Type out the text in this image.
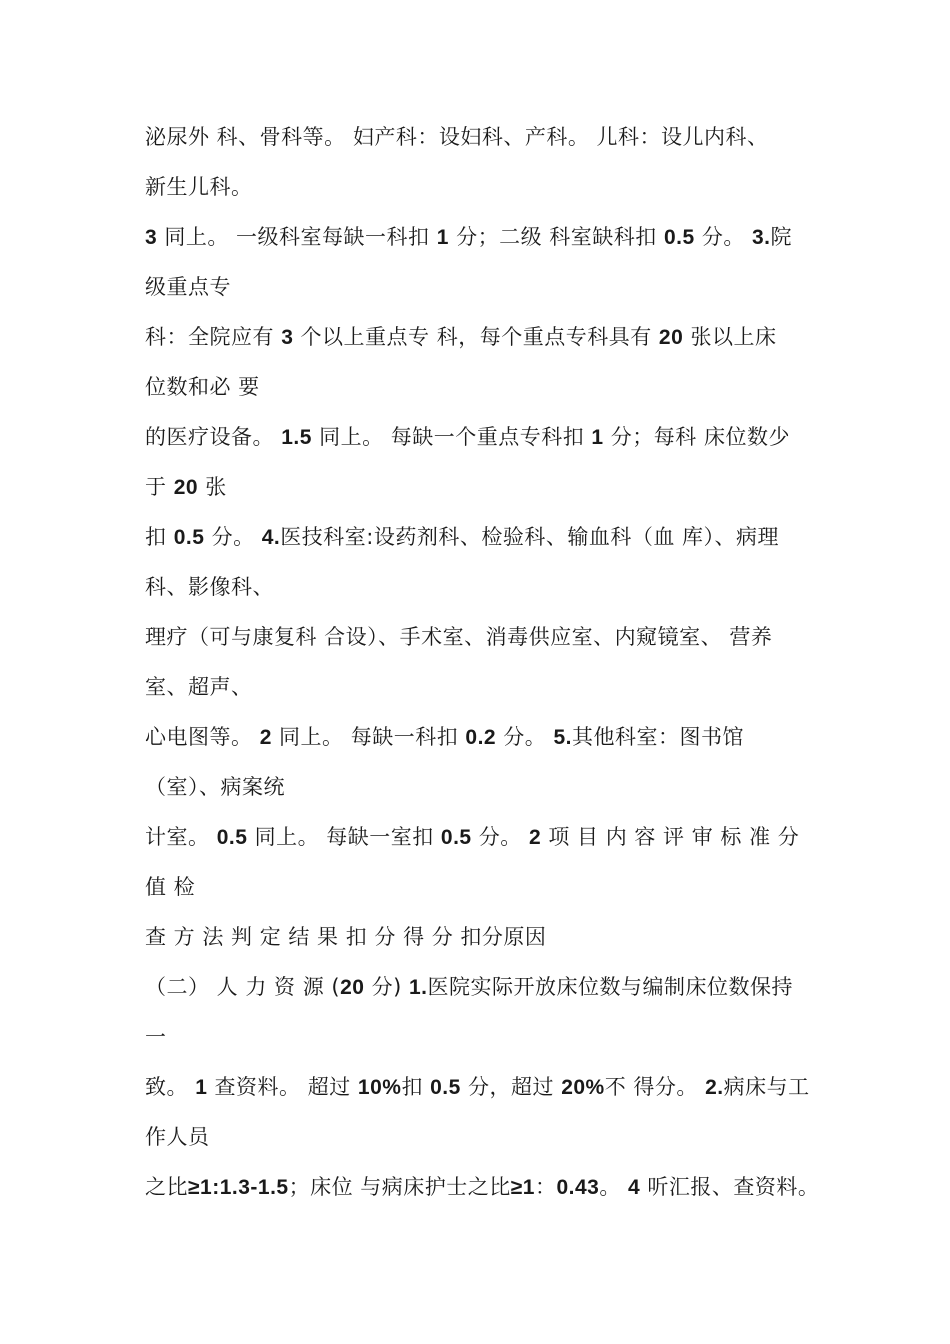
泌尿外 科、骨科等。 妇产科：设妇科、产科。 儿科：设儿内科、
新生儿科。
3 同上。 一级科室每缺一科扣 1 分；二级 科室缺科扣 0.5 分。 3.院
级重点专
科：全院应有 3 个以上重点专 科，每个重点专科具有 20 张以上床
位数和必 要
的医疗设备。 1.5 同上。 每缺一个重点专科扣 1 分；每科 床位数少
于 20 张
扣 0.5 分。 4.医技科室:设药剂科、检验科、输血科（血 库）、病理
科、影像科、
理疗（可与康复科 合设）、手术室、消毒供应室、内窥镜室、 营养
室、超声、
心电图等。 2 同上。 每缺一科扣 0.2 分。 5.其他科室：图书馆
（室）、病案统
计室。 0.5 同上。 每缺一室扣 0.5 分。 2 项 目 内 容 评 审 标 准 分
值 检
查 方 法 判 定 结 果 扣 分 得 分 扣分原因
（二） 人 力 资 源 (20 分) 1.医院实际开放床位数与编制床位数保持
一
致。 1 查资料。 超过 10%扣 0.5 分，超过 20%不 得分。 2.病床与工
作人员
之比≥1:1.3-1.5；床位 与病床护士之比≥1：0.43。 4 听汇报、查资料。
